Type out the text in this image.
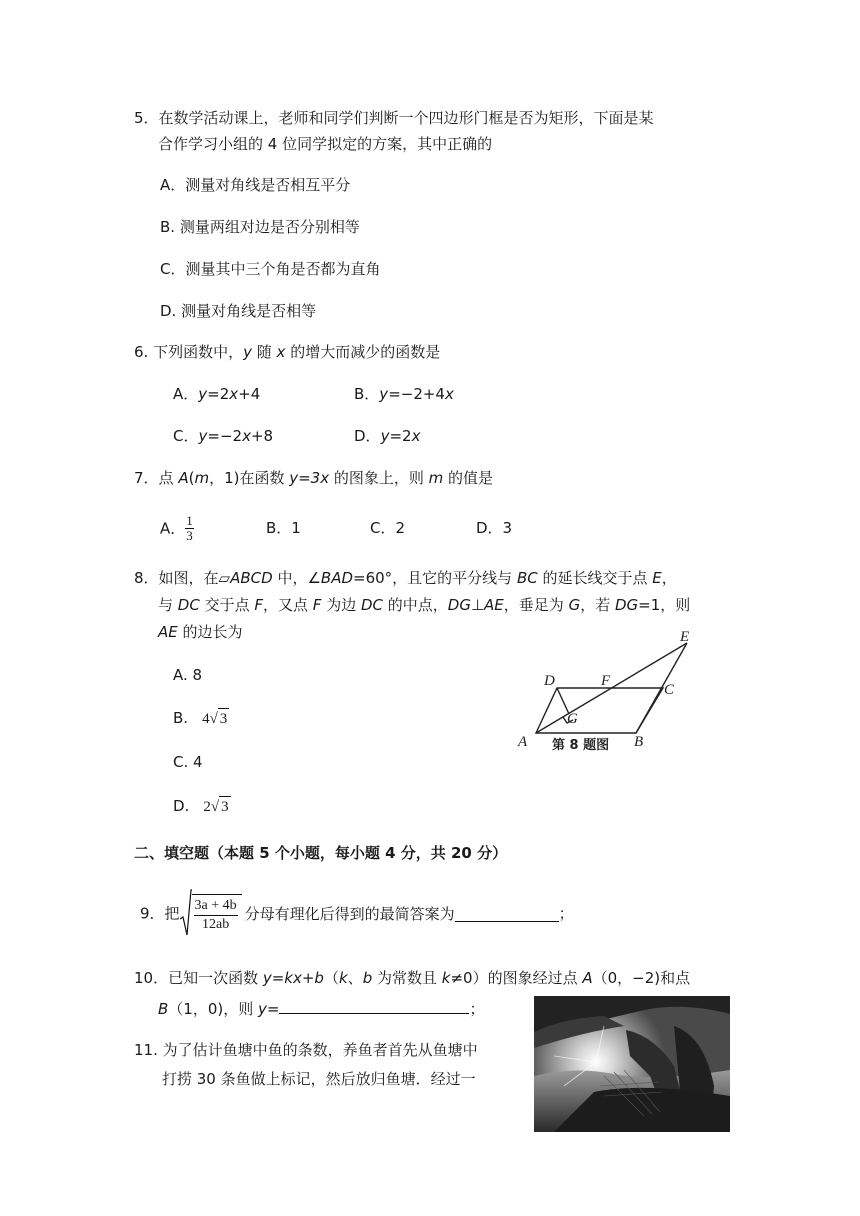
5．在数学活动课上，老师和同学们判断一个四边形门框是否为矩形，下面是某
合作学习小组的 4 位同学拟定的方案，其中正确的
A．测量对角线是否相互平分
B. 测量两组对边是否分别相等
C．测量其中三个角是否都为直角
D. 测量对角线是否相等
6. 下列函数中，y 随 x 的增大而减少的函数是
A．y=2x+4	B．y=−2+4x
C．y=−2x+8	D．y=2x
7．点 A(m，1)在函数 y=3x 的图象上，则 m 的值是
A． $\frac{1}{3}$	B．1	C．2	D．3
8．如图，在▱ABCD 中，∠BAD=60°，且它的平分线与 BC 的延长线交于点 E，
与 DC 交于点 F，又点 F 为边 DC 的中点，DG⊥AE，垂足为 G，若 DG=1，则
AE 的边长为
A. 8
B. 4√ 3
C. 4
D. 2√ 3
A	B
C
D
E
F
G
第 8 题图
二、填空题（本题 5 个小题，每小题 4 分，共 20 分）
9．把 $\frac{3a + 4b}{12ab}$ 分母有理化后得到的最简答案为	；
10．已知一次函数 y=kx+b（k、b 为常数且 k≠0）的图象经过点 A（0，−2)和点
B（1，0)，则 y=	；
11. 为了估计鱼塘中鱼的条数，养鱼者首先从鱼塘中
打捞 30 条鱼做上标记，然后放归鱼塘．经过一
